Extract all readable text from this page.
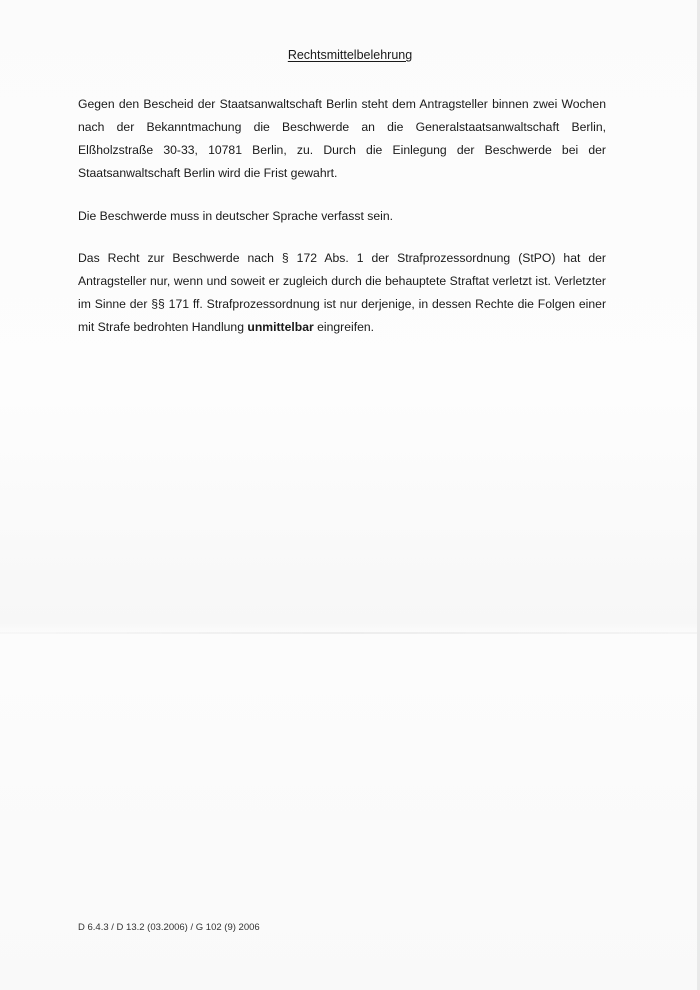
Rechtsmittelbelehrung

Gegen den Bescheid der Staatsanwaltschaft Berlin steht dem Antragsteller binnen zwei Wochen nach der Bekanntmachung die Beschwerde an die Generalstaatsanwaltschaft Berlin, Elßholzstraße 30-33, 10781 Berlin, zu. Durch die Einlegung der Beschwerde bei der Staatsanwaltschaft Berlin wird die Frist gewahrt.

Die Beschwerde muss in deutscher Sprache verfasst sein.

Das Recht zur Beschwerde nach § 172 Abs. 1 der Strafprozessordnung (StPO) hat der Antragsteller nur, wenn und soweit er zugleich durch die behauptete Straftat verletzt ist. Verletzter im Sinne der §§ 171 ff. Strafprozessordnung ist nur derjenige, in dessen Rechte die Folgen einer mit Strafe bedrohten Handlung unmittelbar eingreifen.

D 6.4.3 / D 13.2 (03.2006) / G 102 (9) 2006
